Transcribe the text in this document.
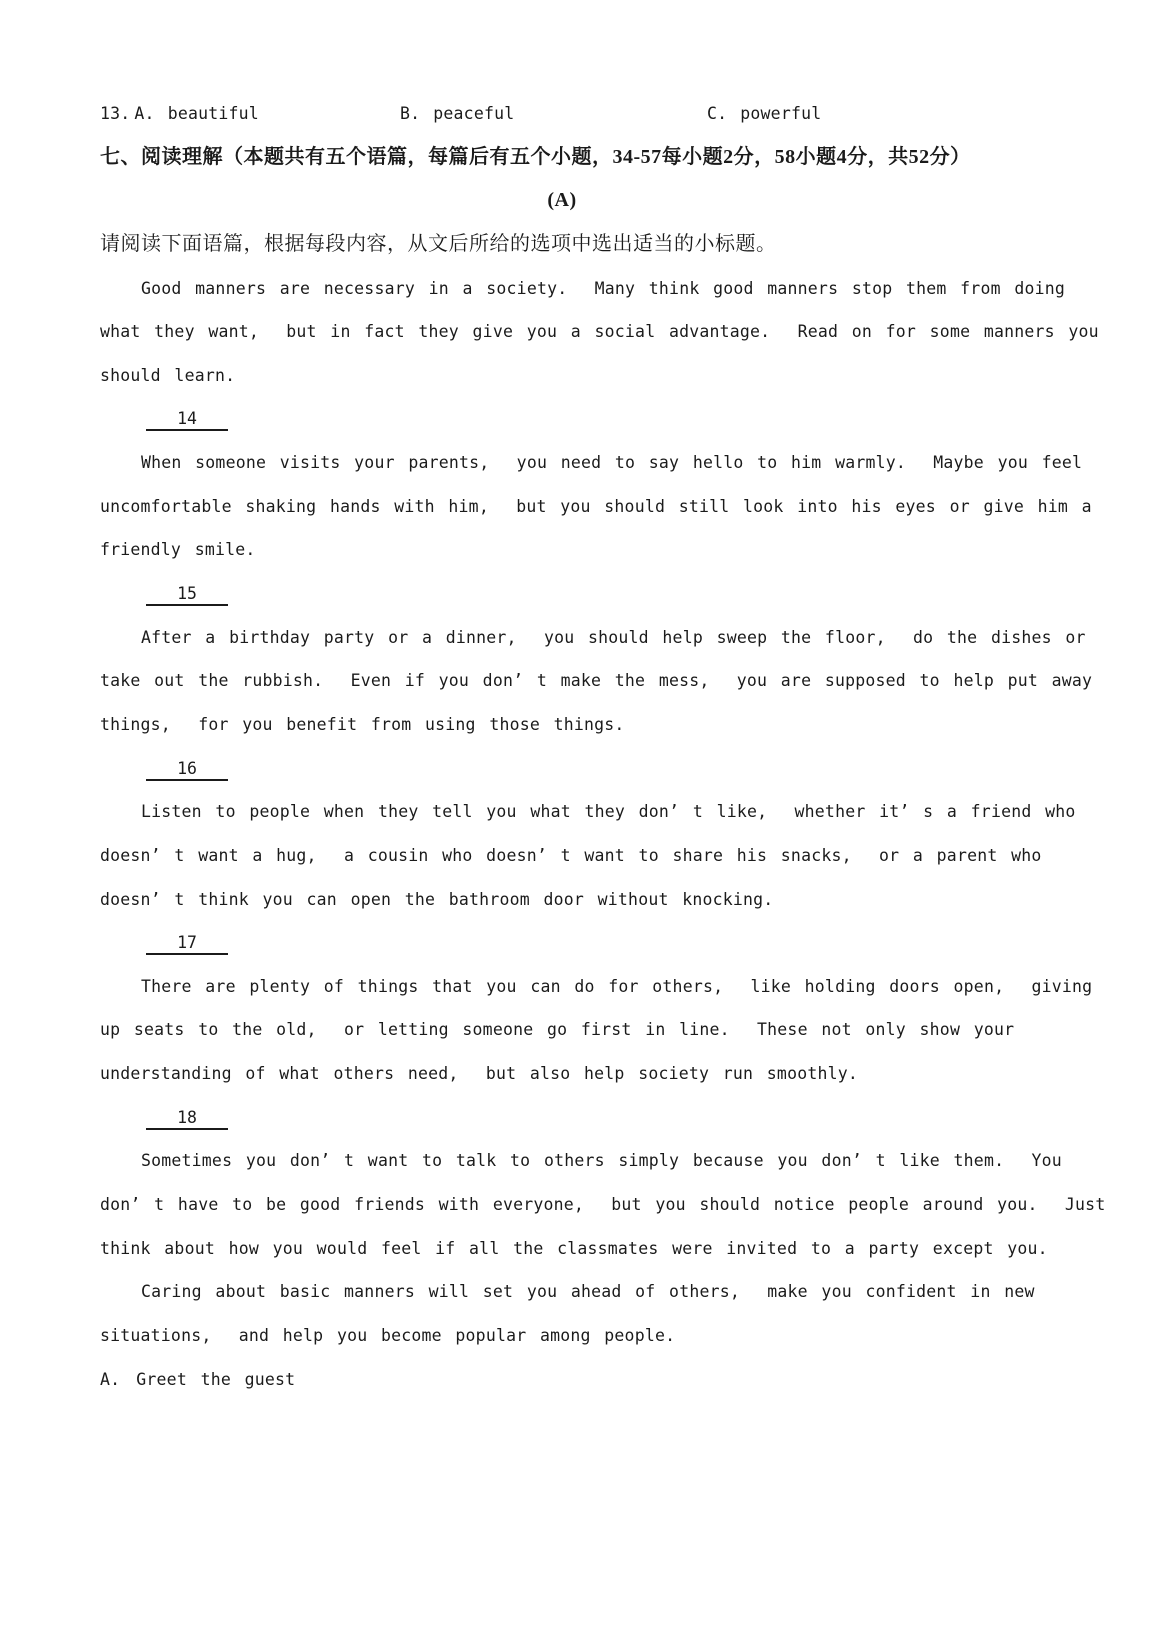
13. A. beautiful	B. peaceful	C. powerful
七、阅读理解（本题共有五个语篇，每篇后有五个小题，34-57每小题2分，58小题4分，共52分）
(A)
请阅读下面语篇，根据每段内容，从文后所给的选项中选出适当的小标题。
Good manners are necessary in a society.  Many think good manners stop them from doing
what they want,  but in fact they give you a social advantage.  Read on for some manners you
should learn.
14
When someone visits your parents,  you need to say hello to him warmly.  Maybe you feel
uncomfortable shaking hands with him,  but you should still look into his eyes or give him a
friendly smile.
15
After a birthday party or a dinner,  you should help sweep the floor,  do the dishes or
take out the rubbish.  Even if you don’ t make the mess,  you are supposed to help put away
things,  for you benefit from using those things.
16
Listen to people when they tell you what they don’ t like,  whether it’ s a friend who
doesn’ t want a hug,  a cousin who doesn’ t want to share his snacks,  or a parent who
doesn’ t think you can open the bathroom door without knocking.
17
There are plenty of things that you can do for others,  like holding doors open,  giving
up seats to the old,  or letting someone go first in line.  These not only show your
understanding of what others need,  but also help society run smoothly.
18
Sometimes you don’ t want to talk to others simply because you don’ t like them.  You
don’ t have to be good friends with everyone,  but you should notice people around you.  Just
think about how you would feel if all the classmates were invited to a party except you.
Caring about basic manners will set you ahead of others,  make you confident in new
situations,  and help you become popular among people.
A. Greet the guest
